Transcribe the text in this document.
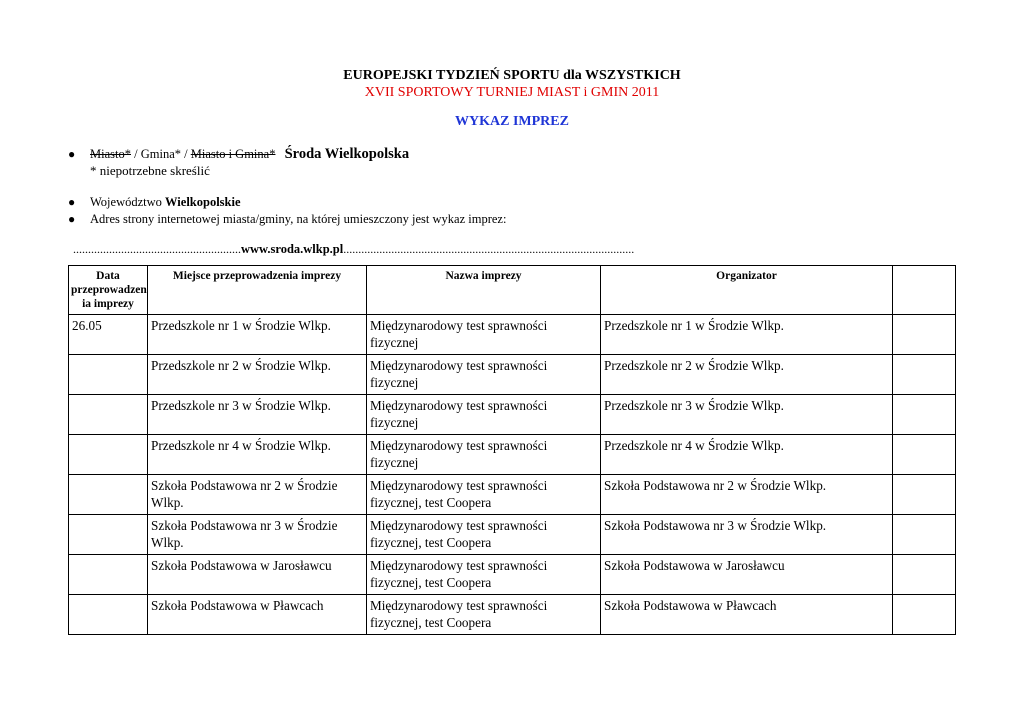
EUROPEJSKI TYDZIEŃ SPORTU dla WSZYSTKICH
XVII SPORTOWY TURNIEJ MIAST i GMIN 2011
WYKAZ IMPREZ
●	Miasto* / Gmina* / Miasto i Gmina* Środa Wielkopolska
* niepotrzebne skreślić
●	Województwo Wielkopolskie
●	Adres strony internetowej miasta/gminy, na której umieszczony jest wykaz imprez:
........................................................www.sroda.wlkp.pl.................................................................................................
Data przeprowadzen ia imprezy	Miejsce przeprowadzenia imprezy	Nazwa imprezy	Organizator	
26.05	Przedszkole nr 1 w Środzie Wlkp.	Międzynarodowy test sprawności fizycznej	Przedszkole nr 1 w Środzie Wlkp.	
	Przedszkole nr 2 w Środzie Wlkp.	Międzynarodowy test sprawności fizycznej	Przedszkole nr 2 w Środzie Wlkp.	
	Przedszkole nr 3 w Środzie Wlkp.	Międzynarodowy test sprawności fizycznej	Przedszkole nr 3 w Środzie Wlkp.	
	Przedszkole nr 4 w Środzie Wlkp.	Międzynarodowy test sprawności fizycznej	Przedszkole nr 4 w Środzie Wlkp.	
	Szkoła Podstawowa nr 2 w Środzie Wlkp.	Międzynarodowy test sprawności fizycznej, test Coopera	Szkoła Podstawowa nr 2 w Środzie Wlkp.	
	Szkoła Podstawowa nr 3 w Środzie Wlkp.	Międzynarodowy test sprawności fizycznej, test Coopera	Szkoła Podstawowa nr 3 w Środzie Wlkp.	
	Szkoła Podstawowa w Jarosławcu	Międzynarodowy test sprawności fizycznej, test Coopera	Szkoła Podstawowa w Jarosławcu	
	Szkoła Podstawowa w Pławcach	Międzynarodowy test sprawności fizycznej, test Coopera	Szkoła Podstawowa w Pławcach	
